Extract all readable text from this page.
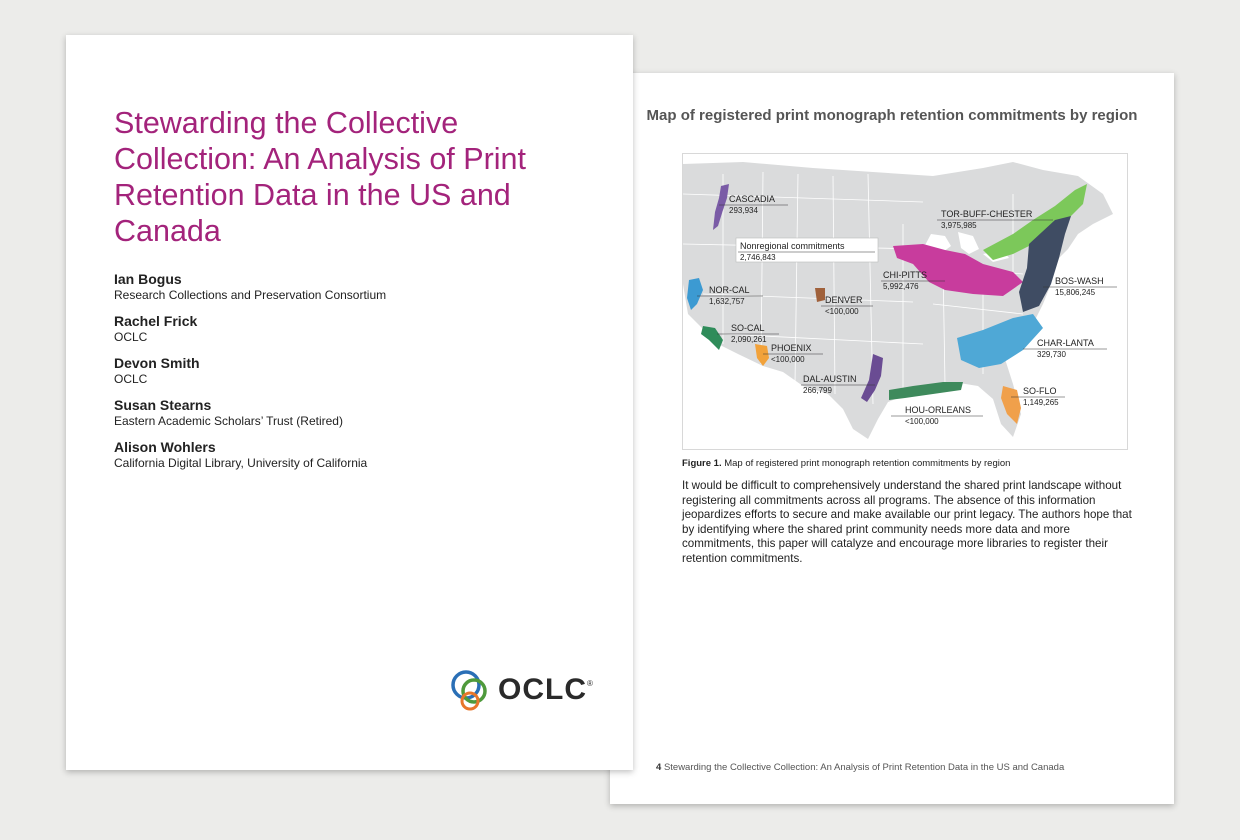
Map of registered print monograph retention commitments by region
CASCADIA
293,934
Nonregional commitments
2,746,843
NOR-CAL
1,632,757	DENVER
<100,000
SO-CAL
2,090,261
PHOENIX
<100,000
DAL-AUSTIN
266,799
HOU-ORLEANS
<100,000
CHI-PITTS
5,992,476
TOR-BUFF-CHESTER
3,975,985
BOS-WASH
15,806,245
CHAR-LANTA
329,730
SO-FLO
1,149,265
Figure 1. Map of registered print monograph retention commitments by region

It would be difficult to comprehensively understand the shared print landscape without registering all commitments across all programs. The absence of this information jeopardizes efforts to secure and make available our print legacy. The authors hope that by identifying where the shared print community needs more data and more commitments, this paper will catalyze and encourage more libraries to register their retention commitments.

4 Stewarding the Collective Collection: An Analysis of Print Retention Data in the US and Canada
Stewarding the Collective Collection: An Analysis of Print Retention Data in the US and Canada
Ian Bogus
Research Collections and Preservation Consortium
Rachel Frick
OCLC
Devon Smith
OCLC
Susan Stearns
Eastern Academic Scholars’ Trust (Retired)
Alison Wohlers
California Digital Library, University of California
OCLC®
